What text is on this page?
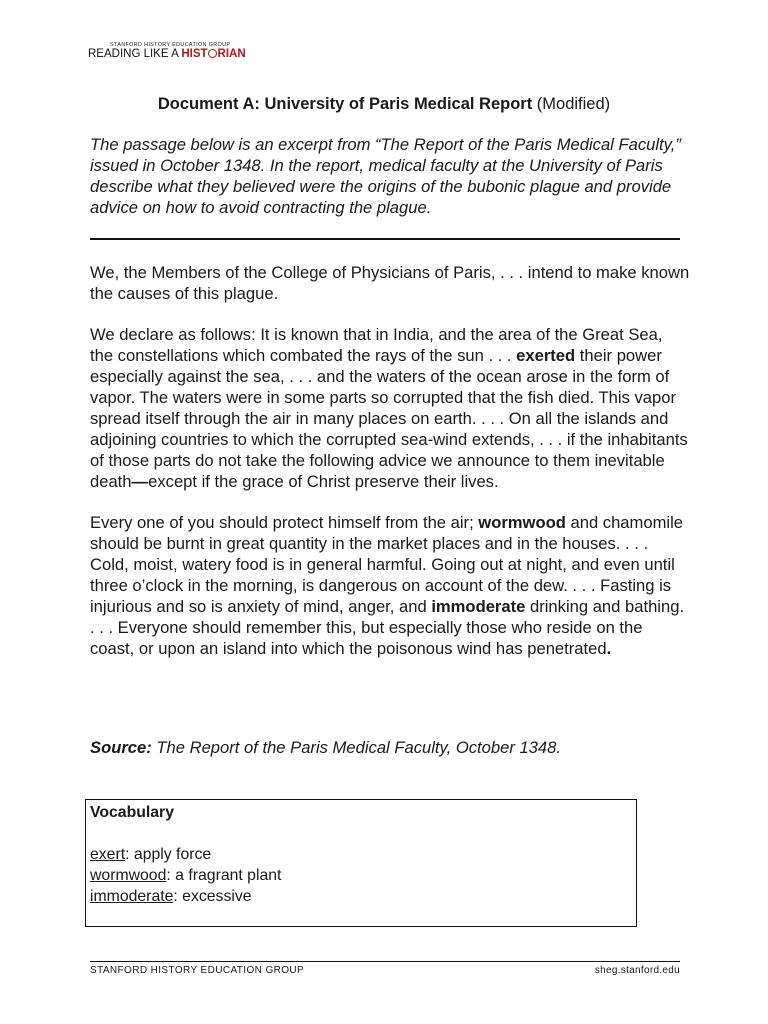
STANFORD HISTORY EDUCATION GROUP
READING LIKE A HIST RIAN
Document A: University of Paris Medical Report (Modified)
The passage below is an excerpt from “The Report of the Paris Medical Faculty,” issued in October 1348. In the report, medical faculty at the University of Paris describe what they believed were the origins of the bubonic plague and provide advice on how to avoid contracting the plague.

We, the Members of the College of Physicians of Paris, . . . intend to make known the causes of this plague.

We declare as follows: It is known that in India, and the area of the Great Sea, the constellations which combated the rays of the sun . . . exerted their power especially against the sea, . . . and the waters of the ocean arose in the form of vapor. The waters were in some parts so corrupted that the fish died. This vapor spread itself through the air in many places on earth. . . . On all the islands and adjoining countries to which the corrupted sea-wind extends, . . . if the inhabitants of those parts do not take the following advice we announce to them inevitable death—except if the grace of Christ preserve their lives.

Every one of you should protect himself from the air; wormwood and chamomile should be burnt in great quantity in the market places and in the houses. . . . Cold, moist, watery food is in general harmful. Going out at night, and even until three o’clock in the morning, is dangerous on account of the dew. . . . Fasting is injurious and so is anxiety of mind, anger, and immoderate drinking and bathing. . . . Everyone should remember this, but especially those who reside on the coast, or upon an island into which the poisonous wind has penetrated.

Source: The Report of the Paris Medical Faculty, October 1348.
Vocabulary
exert: apply force
wormwood: a fragrant plant
immoderate: excessive
STANFORD HISTORY EDUCATION GROUP	sheg.stanford.edu
